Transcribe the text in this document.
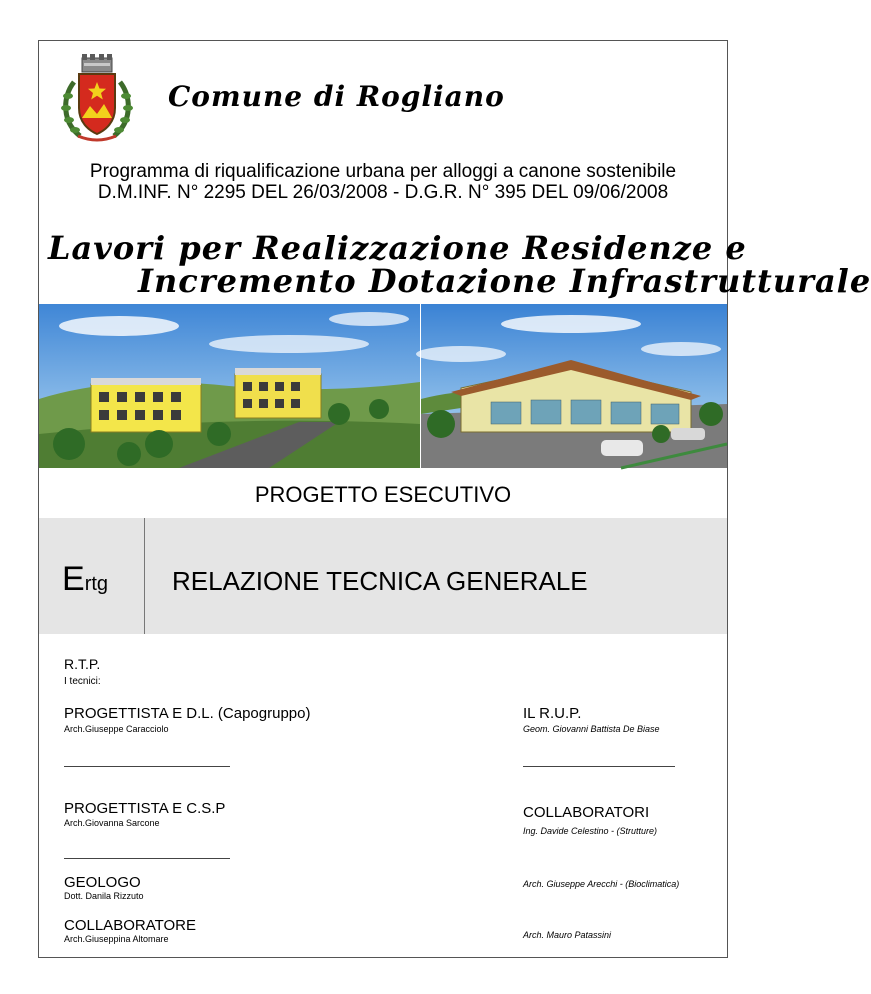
Comune di Rogliano
Programma di riqualificazione urbana per alloggi a canone sostenibile
D.M.INF. N° 2295 DEL 26/03/2008 - D.G.R. N° 395 DEL 09/06/2008
Lavori per Realizzazione Residenze e
Incremento Dotazione Infrastrutturale
PROGETTO ESECUTIVO
Ertg RELAZIONE TECNICA GENERALE
R.T.P.
I tecnici:
PROGETTISTA E D.L. (Capogruppo)
Arch.Giuseppe Caracciolo
PROGETTISTA E C.S.P
Arch.Giovanna Sarcone
GEOLOGO
Dott. Danila Rizzuto
COLLABORATORE
Arch.Giuseppina Altomare
IL R.U.P.
Geom. Giovanni Battista De Biase
COLLABORATORI
Ing. Davide Celestino - (Strutture)
Arch. Giuseppe Arecchi - (Bioclimatica)
Arch. Mauro Patassini
